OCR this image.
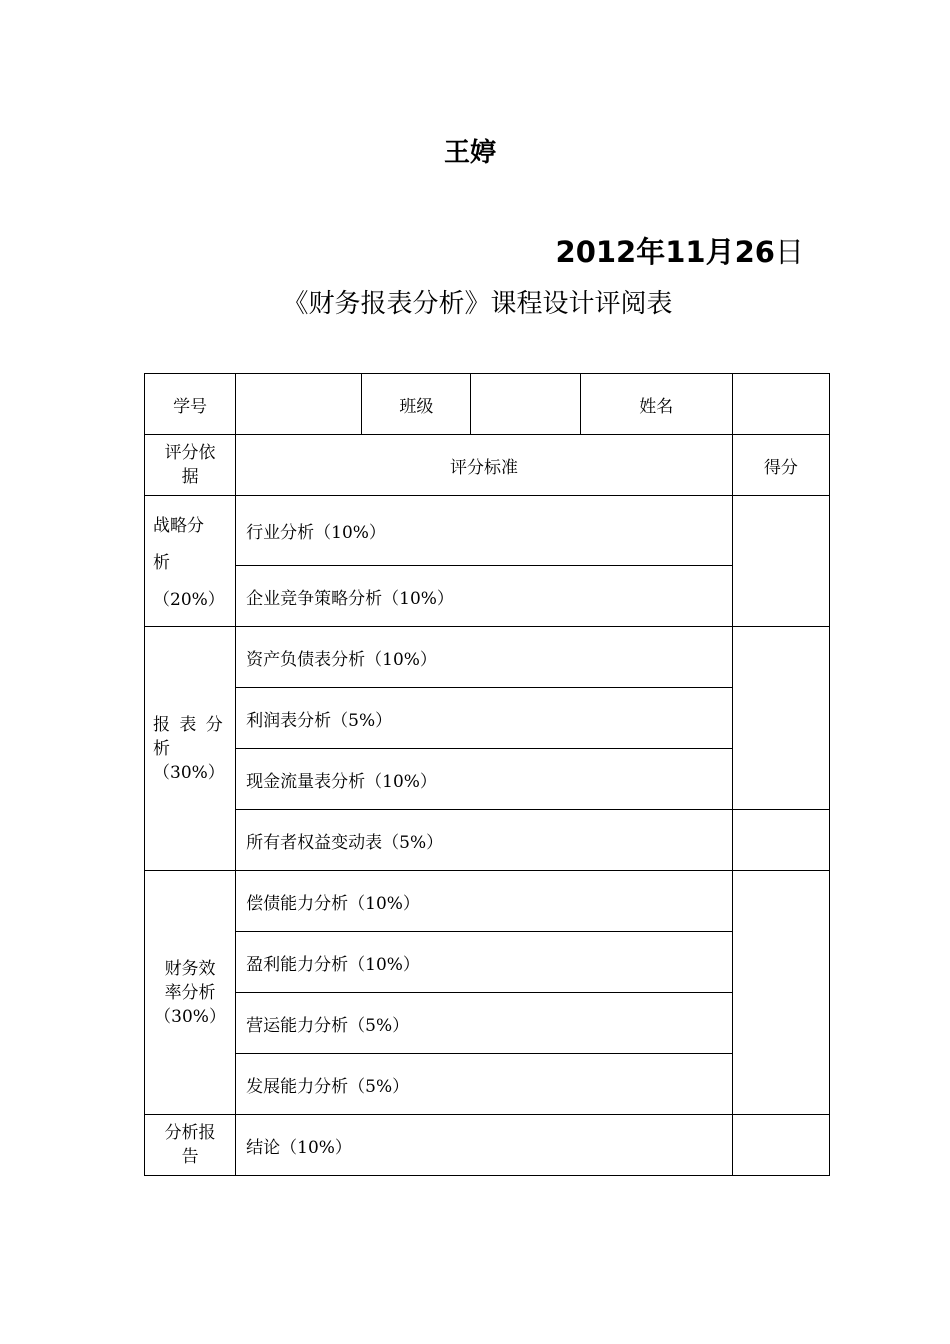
王婷
2012年11月26日
《财务报表分析》课程设计评阅表
学号		班级		姓名	
评分依据	评分标准				得分

战略分
析
（20%）	行业分析（10%）				
	企业竞争策略分析（10%）				

报 表 分
析
（30%）	资产负债表分析（10%）				
	利润表分析（5%）				
	现金流量表分析（10%）				
	所有者权益变动表（5%）				

财务效
率分析
（30%）	偿债能力分析（10%）				
	盈利能力分析（10%）				
	营运能力分析（5%）				
	发展能力分析（5%）				

分析报
告	结论（10%）				
